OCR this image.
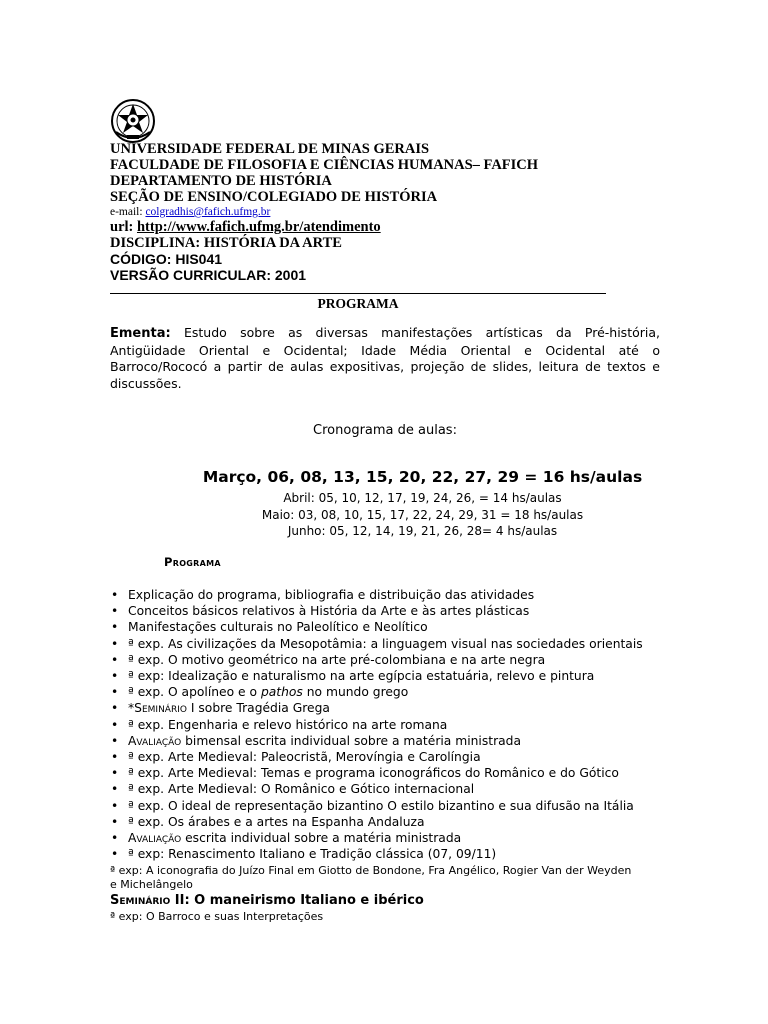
UNIVERSIDADE FEDERAL DE MINAS GERAIS
FACULDADE DE FILOSOFIA E CIÊNCIAS HUMANAS– FAFICH
DEPARTAMENTO DE HISTÓRIA
SEÇÃO DE ENSINO/COLEGIADO DE HISTÓRIA
e-mail: colgradhis@fafich.ufmg.br
url: http://www.fafich.ufmg.br/atendimento
DISCIPLINA: HISTÓRIA DA ARTE
CÓDIGO: HIS041
VERSÃO CURRICULAR: 2001
PROGRAMA
Ementa: Estudo sobre as diversas manifestações artísticas da Pré-história, Antigüidade Oriental e Ocidental; Idade Média Oriental e Ocidental até o Barroco/Rococó a partir de aulas expositivas, projeção de slides, leitura de textos e discussões.
Cronograma de aulas:
Março, 06, 08, 13, 15, 20, 22, 27, 29 = 16 hs/aulas
Abril: 05, 10, 12, 17, 19, 24, 26, = 14 hs/aulas
Maio: 03, 08, 10, 15, 17, 22, 24, 29, 31 = 18 hs/aulas
Junho: 05, 12, 14, 19, 21, 26, 28= 4 hs/aulas
Programa
• Explicação do programa, bibliografia e distribuição das atividades
• Conceitos básicos relativos à História da Arte e às artes plásticas
• Manifestações culturais no Paleolítico e Neolítico
• ª exp. As civilizações da Mesopotâmia: a linguagem visual nas sociedades orientais
• ª exp. O motivo geométrico na arte pré-colombiana e na arte negra
• ª exp: Idealização e naturalismo na arte egípcia estatuária, relevo e pintura
• ª exp. O apolíneo e o pathos no mundo grego
• *Seminário I sobre Tragédia Grega
• ª exp. Engenharia e relevo histórico na arte romana
• Avaliação bimensal escrita individual sobre a matéria ministrada
• ª exp. Arte Medieval: Paleocristã, Merovíngia e Carolíngia
• ª exp. Arte Medieval: Temas e programa iconográficos do Românico e do Gótico
• ª exp. Arte Medieval: O Românico e Gótico internacional
• ª exp. O ideal de representação bizantino O estilo bizantino e sua difusão na Itália
• ª exp. Os árabes e a artes na Espanha Andaluza
• Avaliação escrita individual sobre a matéria ministrada
• ª exp: Renascimento Italiano e Tradição clássica (07, 09/11)
ª exp: A iconografia do Juízo Final em Giotto de Bondone, Fra Angélico, Rogier Van der Weyden
e Michelângelo
Seminário II: O maneirismo Italiano e ibérico
ª exp: O Barroco e suas Interpretações
